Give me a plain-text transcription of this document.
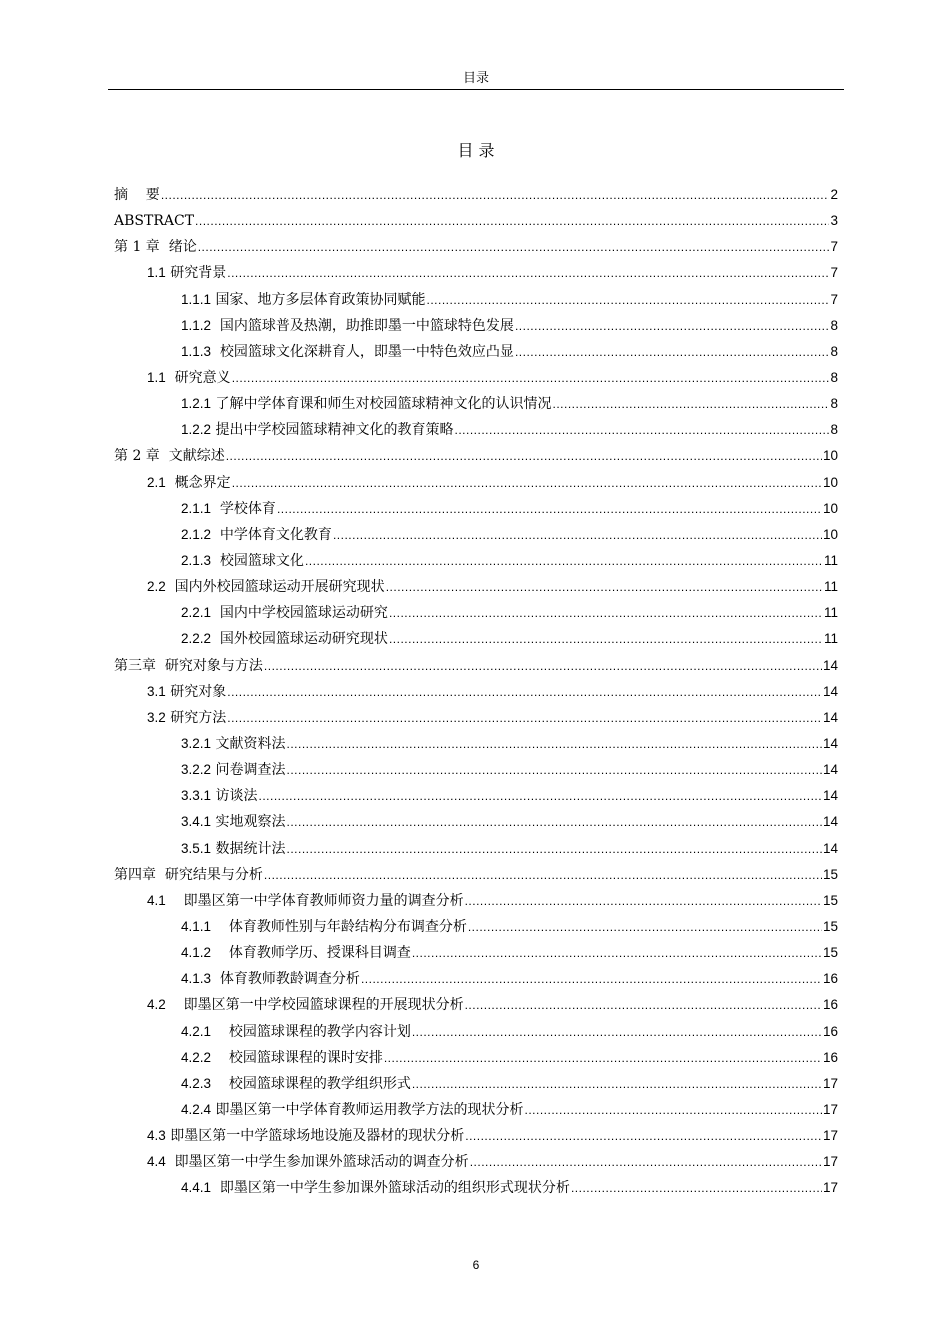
目录
目 录
摘    要 .....	2
ABSTRACT .....	3
第 1 章  绪论 .....	7
1.1 研究背景 .....	7
1.1.1 国家、地方多层体育政策协同赋能 .....	7
1.1.2  国内篮球普及热潮，助推即墨一中篮球特色发展 .....	8
1.1.3  校园篮球文化深耕育人，即墨一中特色效应凸显 .....	8
1.1  研究意义 .....	8
1.2.1 了解中学体育课和师生对校园篮球精神文化的认识情况 .....	8
1.2.2 提出中学校园篮球精神文化的教育策略 .....	8
第 2 章  文献综述 .....	10
2.1  概念界定 .....	10
2.1.1  学校体育 .....	10
2.1.2  中学体育文化教育 .....	10
2.1.3  校园篮球文化 .....	11
2.2  国内外校园篮球运动开展研究现状 .....	11
2.2.1  国内中学校园篮球运动研究 .....	11
2.2.2  国外校园篮球运动研究现状 .....	11
第三章  研究对象与方法 .....	14
3.1 研究对象 .....	14
3.2 研究方法 .....	14
3.2.1 文献资料法 .....	14
3.2.2 问卷调查法 .....	14
3.3.1 访谈法 .....	14
3.4.1 实地观察法 .....	14
3.5.1 数据统计法 .....	14
第四章  研究结果与分析 .....	15
4.1    即墨区第一中学体育教师师资力量的调查分析 .....	15
4.1.1    体育教师性别与年龄结构分布调查分析 .....	15
4.1.2    体育教师学历、授课科目调查 .....	15
4.1.3  体育教师教龄调查分析 .....	16
4.2    即墨区第一中学校园篮球课程的开展现状分析 .....	16
4.2.1    校园篮球课程的教学内容计划 .....	16
4.2.2    校园篮球课程的课时安排 .....	16
4.2.3    校园篮球课程的教学组织形式 .....	17
4.2.4 即墨区第一中学体育教师运用教学方法的现状分析 .....	17
4.3 即墨区第一中学篮球场地设施及器材的现状分析 .....	17
4.4  即墨区第一中学生参加课外篮球活动的调查分析 .....	17
4.4.1  即墨区第一中学生参加课外篮球活动的组织形式现状分析 .....	17
6
